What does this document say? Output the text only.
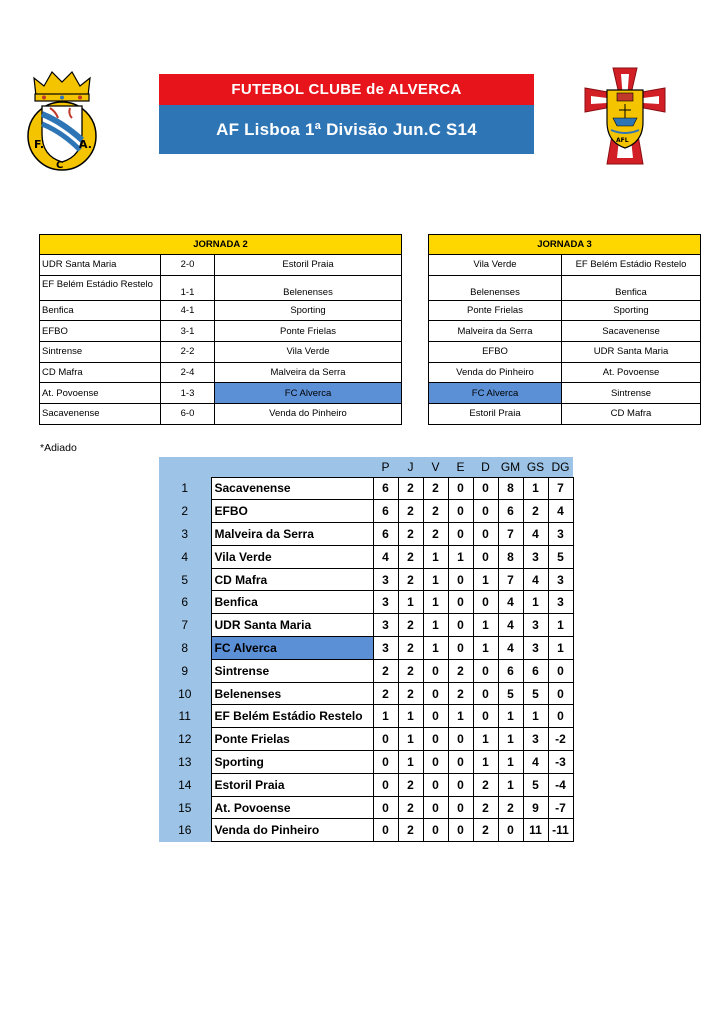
F.	A.
C
FUTEBOL CLUBE de ALVERCA
AF Lisboa 1ª Divisão Jun.C S14
AFL
JORNADA 2		
UDR Santa Maria	2-0	Estoril Praia
EF Belém Estádio Restelo	1-1	Belenenses
Benfica	4-1	Sporting
EFBO	3-1	Ponte Frielas
Sintrense	2-2	Vila Verde
CD Mafra	2-4	Malveira da Serra
At. Povoense	1-3	FC Alverca
Sacavenense	6-0	Venda do Pinheiro
JORNADA 3	
Vila Verde	EF Belém Estádio Restelo
Belenenses	Benfica
Ponte Frielas	Sporting
Malveira da Serra	Sacavenense
EFBO	UDR Santa Maria
Venda do Pinheiro	At. Povoense
FC Alverca	Sintrense
Estoril Praia	CD Mafra
*Adiado
		P	J	V	E	D	GM	GS	DG
1	Sacavenense	6	2	2	0	0	8	1	7
2	EFBO	6	2	2	0	0	6	2	4
3	Malveira da Serra	6	2	2	0	0	7	4	3
4	Vila Verde	4	2	1	1	0	8	3	5
5	CD Mafra	3	2	1	0	1	7	4	3
6	Benfica	3	1	1	0	0	4	1	3
7	UDR Santa Maria	3	2	1	0	1	4	3	1
8	FC Alverca	3	2	1	0	1	4	3	1
9	Sintrense	2	2	0	2	0	6	6	0
10	Belenenses	2	2	0	2	0	5	5	0
11	EF Belém Estádio Restelo	1	1	0	1	0	1	1	0
12	Ponte Frielas	0	1	0	0	1	1	3	-2
13	Sporting	0	1	0	0	1	1	4	-3
14	Estoril Praia	0	2	0	0	2	1	5	-4
15	At. Povoense	0	2	0	0	2	2	9	-7
16	Venda do Pinheiro	0	2	0	0	2	0	11	-11
